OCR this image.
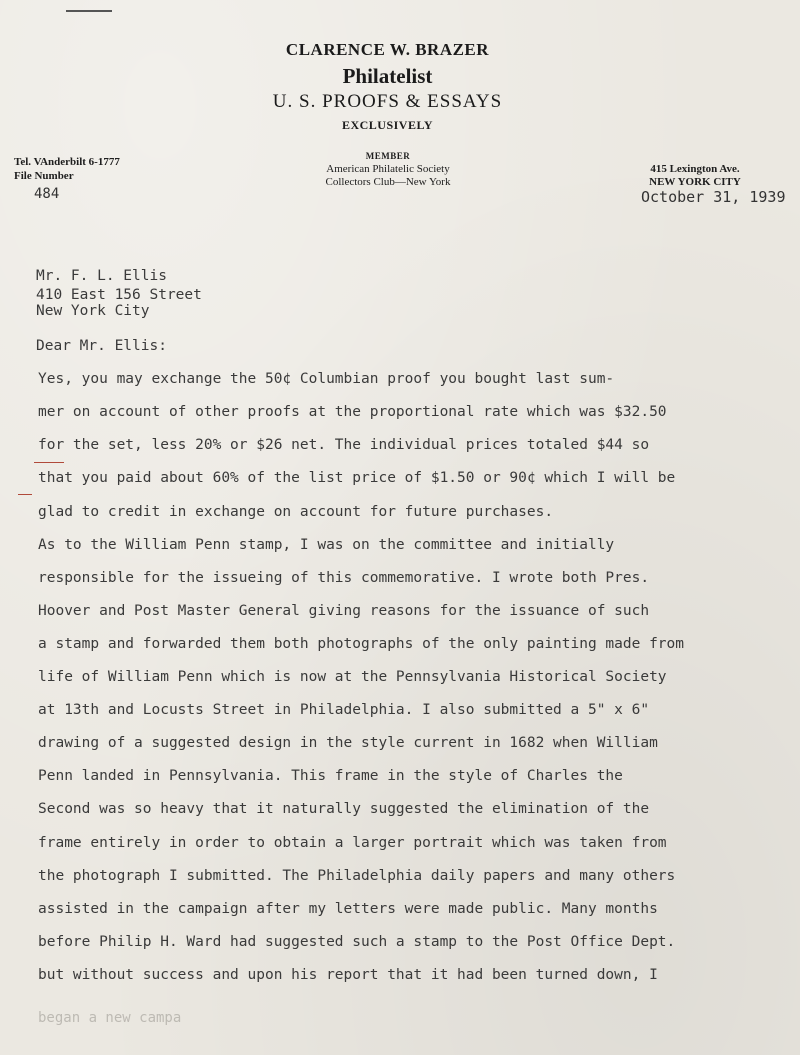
CLARENCE W. BRAZER
Philatelist
U. S. PROOFS & ESSAYS
EXCLUSIVELY
MEMBER
American Philatelic Society
Collectors Club—New York
Tel. VAnderbilt 6-1777
File Number
484
415 Lexington Ave.
NEW YORK CITY
October 31, 1939
Mr. F. L. Ellis
410 East 156 Street
New York City
Dear Mr. Ellis:
Yes, you may exchange the 50¢ Columbian proof you bought last sum-
mer on account of other proofs at the proportional rate which was $32.50
for the set, less 20% or $26 net. The individual prices totaled $44 so
that you paid about 60% of the list price of $1.50 or 90¢ which I will be
glad to credit in exchange on account for future purchases.
As to the William Penn stamp, I was on the committee and initially
responsible for the issueing of this commemorative. I wrote both Pres.
Hoover and Post Master General giving reasons for the issuance of such
a stamp and forwarded them both photographs of the only painting made from
life of William Penn which is now at the Pennsylvania Historical Society
at 13th and Locusts Street in Philadelphia. I also submitted a 5" x 6"
drawing of a suggested design in the style current in 1682 when William
Penn landed in Pennsylvania. This frame in the style of Charles the
Second was so heavy that it naturally suggested the elimination of the
frame entirely in order to obtain a larger portrait which was taken from
the photograph I submitted. The Philadelphia daily papers and many others
assisted in the campaign after my letters were made public. Many months
before Philip H. Ward had suggested such a stamp to the Post Office Dept.
but without success and upon his report that it had been turned down, I
began a new campa
